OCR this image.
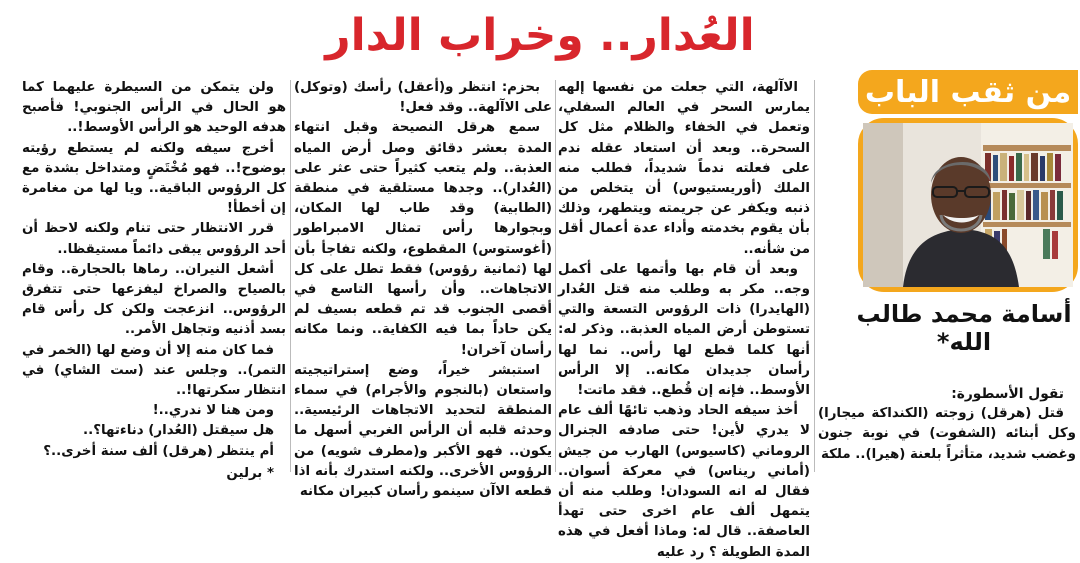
العُدار.. وخراب الدار
من ثقب الباب
أسامة محمد طالب الله*

تقول الأسطورة:

قتل (هرقل) زوجته (الكنداكة ميجارا) وكل أبنائه (الشفوت) في نوبة جنون وغضب شديد، متأثراً بلعنة (هيرا).. ملكة

الاآلهة، التي جعلت من نفسها إلهه يمارس السحر في العالم السفلي، وتعمل في الخفاء والظلام مثل كل السحرة.. وبعد أن استعاد عقله ندم على فعلته ندماً شديداً، فطلب منه الملك (أوريستيوس) أن يتخلص من ذنبه ويكفر عن جريمته ويتطهر، وذلك بأن يقوم بخدمته وأداء عدة أعمال أقل من شأنه..

وبعد أن قام بها وأتمها على أكمل وجه.. مكر به وطلب منه قتل العُدار (الهايدرا) ذات الرؤوس التسعة والتي تستوطن أرض المياه العذبة.. وذكر له: أنها كلما قطع لها رأس.. نما لها رأسان جديدان مكانه.. إلا الرأس الأوسط.. فإنه إن قُطع.. فقد ماتت!

أخذ سيفه الحاد وذهب تائهًا ألف عام لا يدري لأين! حتى صادفه الجنرال الروماني (كاسيوس) الهارب من جيش (أماني ريناس) في معركة أسوان.. فقال له انه السودان! وطلب منه أن يتمهل ألف عام اخرى حتى تهدأ العاصفة.. قال له: وماذا أفعل في هذه المدة الطويلة ؟ رد عليه

بحزم: انتظر و(أعقل) رأسك (وتوكل) على الاآلهة.. وقد فعل!

سمع هرقل النصيحة وقبل انتهاء المدة بعشر دقائق وصل أرض المياه العذبة.. ولم يتعب كثيراً حتى عثر على (العُدار).. وجدها مستلقية في منطقة (الطابية) وقد طاب لها المكان، وبجوارها رأس تمثال الامبراطور (أغوستوس) المقطوع، ولكنه تفاجأ بأن لها (ثمانية رؤوس) فقط تطل على كل الاتجاهات.. وأن رأسها التاسع في أقصى الجنوب قد تم قطعه بسيف لم يكن حاداً بما فيه الكفاية.. ونما مكانه رأسان آخران!

استبشر خيراً، وضع إستراتيجيته واستعان (بالنجوم والأجرام) في سماء المنطقة لتحديد الاتجاهات الرئيسية.. وحدثه قلبه أن الرأس الغربي أسهل ما يكون.. فهو الأكبر و(مطرف شويه) من الرؤوس الأخرى.. ولكنه استدرك بأنه اذا قطعه الاآن سينمو رأسان كبيران مكانه

ولن يتمكن من السيطرة عليهما كما هو الحال في الرأس الجنوبي! فأصبح هدفه الوحيد هو الرأس الأوسط!..

أخرج سيفه ولكنه لم يستطع رؤيته بوضوح!.. فهو مُخْتَضٍ ومتداخل بشدة مع كل الرؤوس الباقية.. ويا لها من مغامرة إن أخطأ!

قرر الانتظار حتى تنام ولكنه لاحظ أن أحد الرؤوس يبقى دائماً مستيقظا..

أشعل النيران.. رماها بالحجارة.. وقام بالصياح والصراخ ليفزعها حتى تتفرق الرؤوس.. انزعجت ولكن كل رأس قام بسد أذنيه وتجاهل الأمر..

فما كان منه إلا أن وضع لها (الخمر في التمر).. وجلس عند (ست الشاي) في انتظار سكرتها!..

ومن هنا لا ندري..!

هل سيقتل (العُدار) دناءتها؟..

أم ينتظر (هرقل) ألف سنة أخرى..؟

* برلين
